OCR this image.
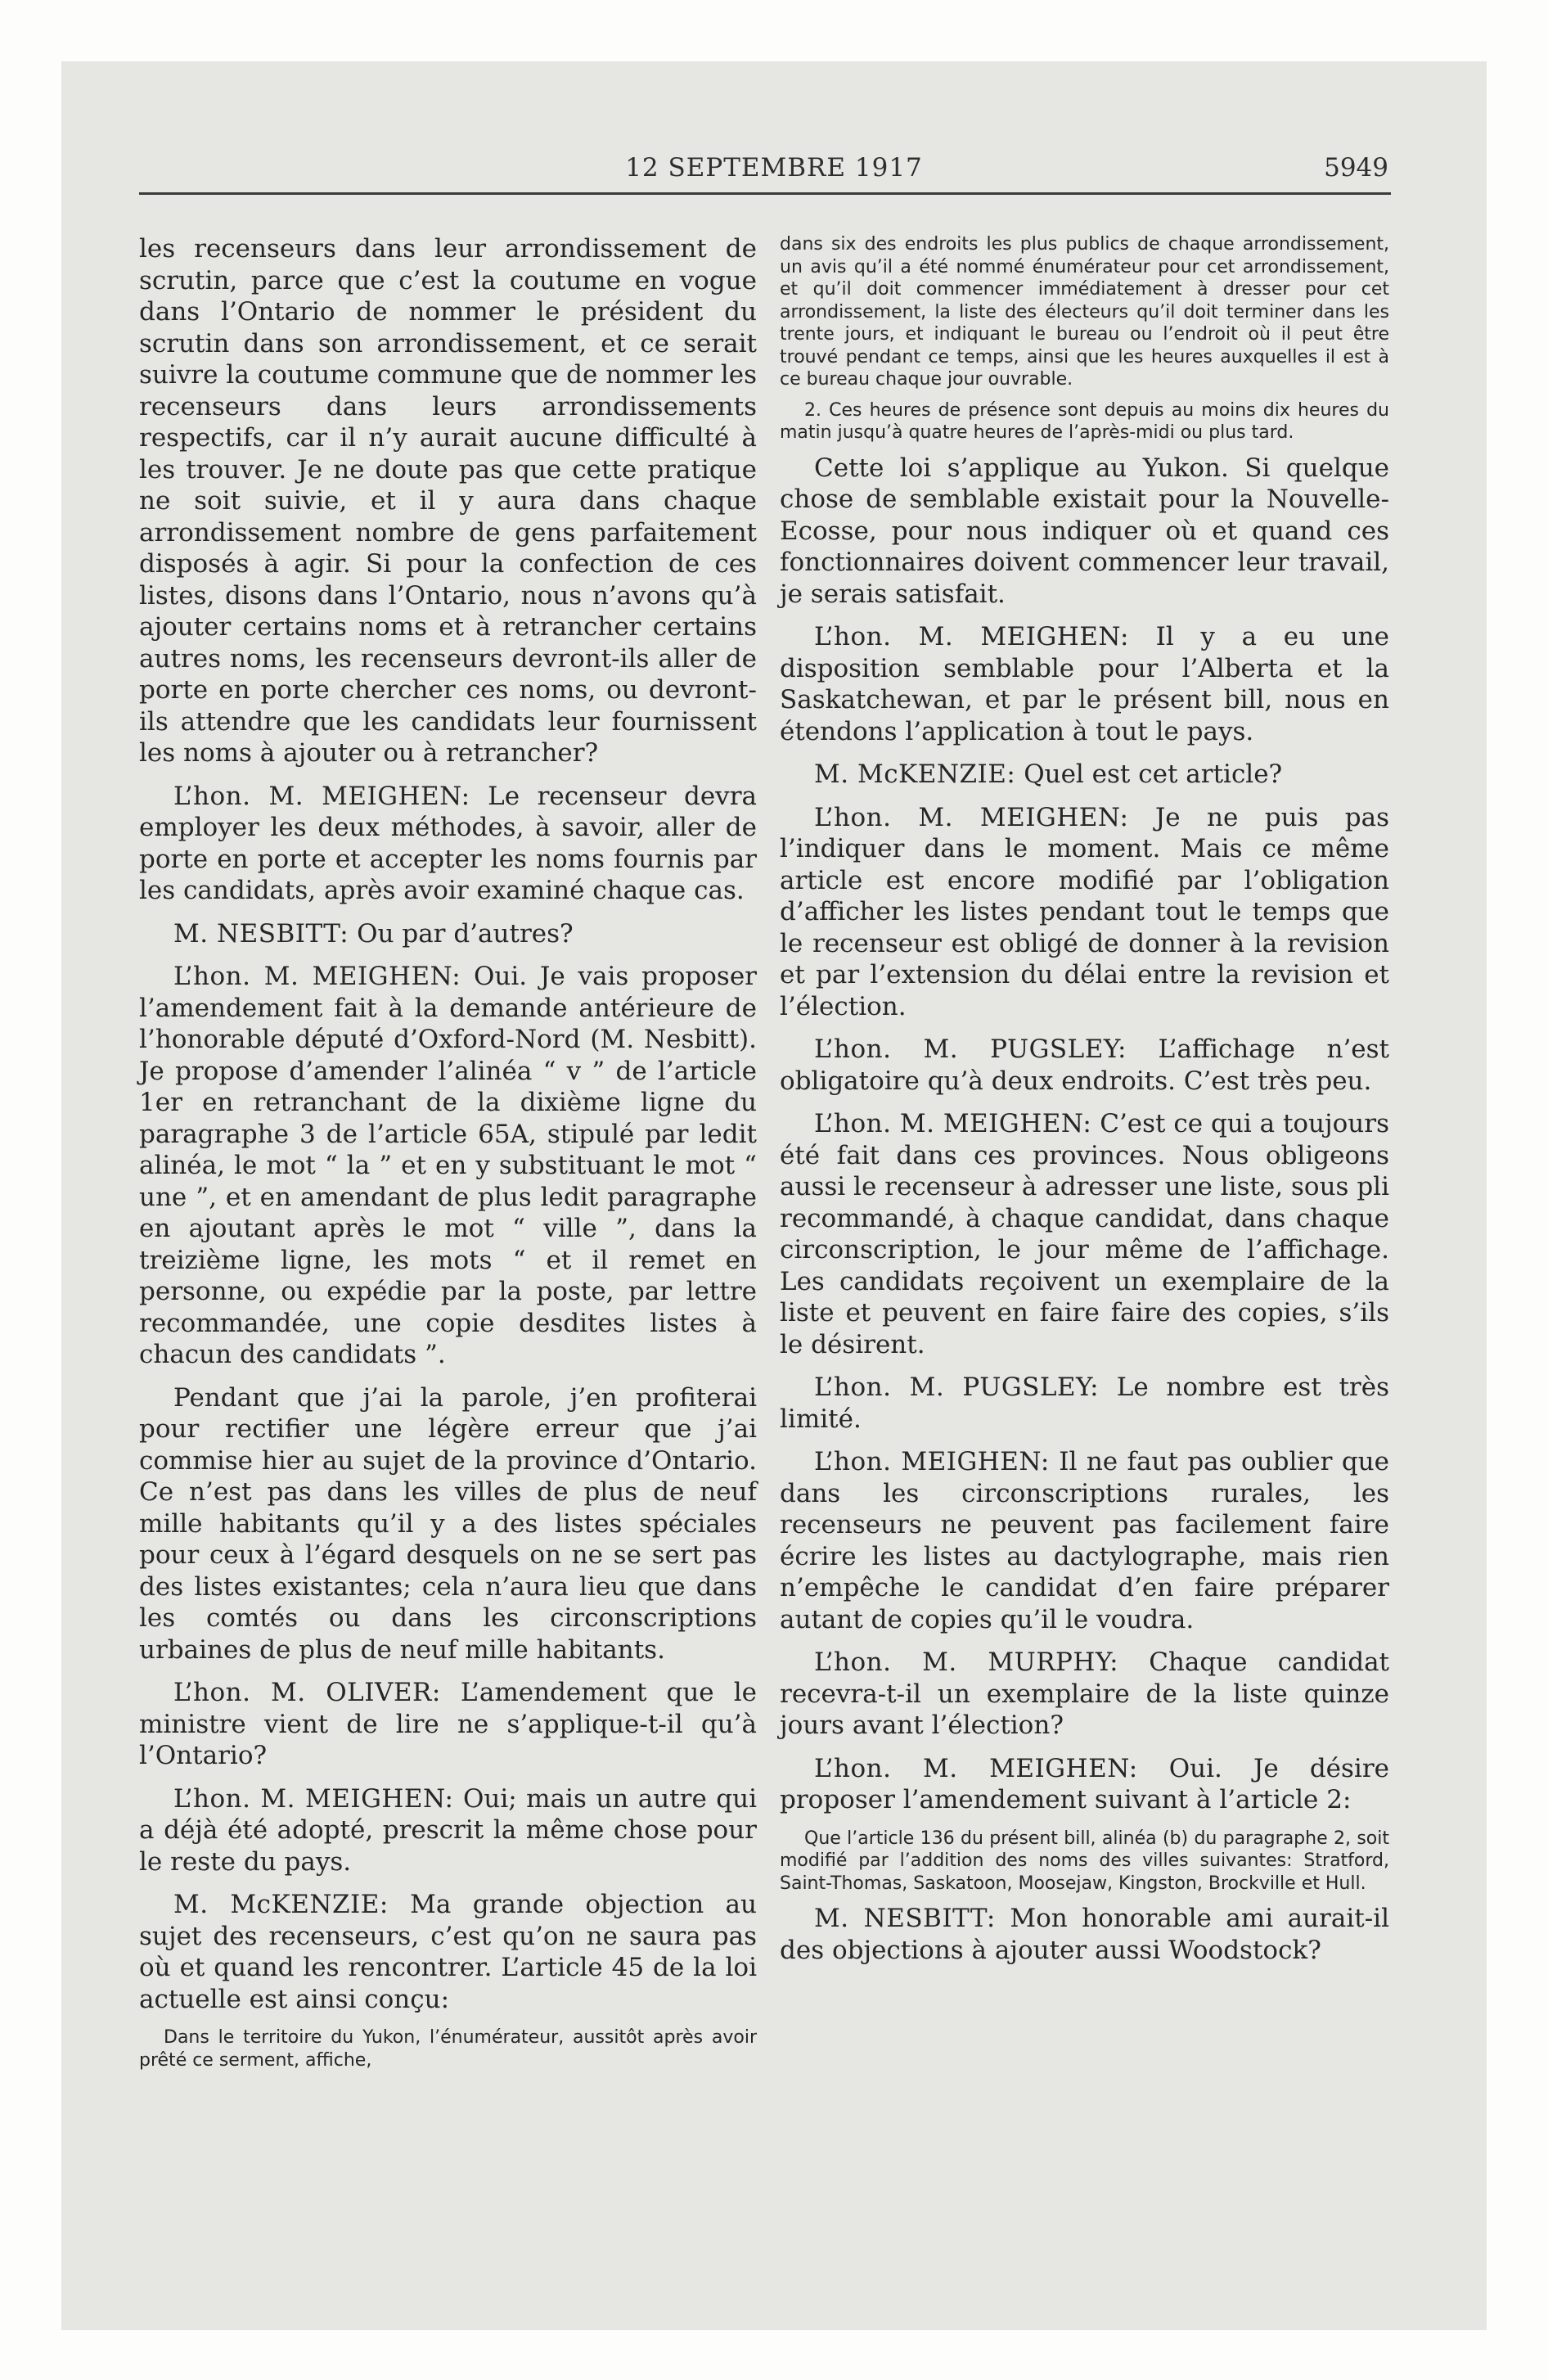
12 SEPTEMBRE 1917	5949

les recenseurs dans leur arrondissement de scrutin, parce que c’est la coutume en vogue dans l’Ontario de nommer le président du scrutin dans son arrondissement, et ce serait suivre la coutume commune que de nommer les recenseurs dans leurs arrondissements respectifs, car il n’y aurait aucune difficulté à les trouver. Je ne doute pas que cette pratique ne soit suivie, et il y aura dans chaque arrondissement nombre de gens parfaitement disposés à agir. Si pour la confection de ces listes, disons dans l’Ontario, nous n’avons qu’à ajouter certains noms et à retrancher certains autres noms, les recenseurs devront-ils aller de porte en porte chercher ces noms, ou devront-ils attendre que les candidats leur fournissent les noms à ajouter ou à retrancher?

L’hon. M. MEIGHEN: Le recenseur devra employer les deux méthodes, à savoir, aller de porte en porte et accepter les noms fournis par les candidats, après avoir examiné chaque cas.

M. NESBITT: Ou par d’autres?

L’hon. M. MEIGHEN: Oui. Je vais proposer l’amendement fait à la demande antérieure de l’honorable député d’Oxford-Nord (M. Nesbitt). Je propose d’amender l’alinéa “ v ” de l’article 1er en retranchant de la dixième ligne du paragraphe 3 de l’article 65A, stipulé par ledit alinéa, le mot “ la ” et en y substituant le mot “ une ”, et en amendant de plus ledit paragraphe en ajoutant après le mot “ ville ”, dans la treizième ligne, les mots “ et il remet en personne, ou expédie par la poste, par lettre recommandée, une copie desdites listes à chacun des candidats ”.

Pendant que j’ai la parole, j’en profiterai pour rectifier une légère erreur que j’ai commise hier au sujet de la province d’Ontario. Ce n’est pas dans les villes de plus de neuf mille habitants qu’il y a des listes spéciales pour ceux à l’égard desquels on ne se sert pas des listes existantes; cela n’aura lieu que dans les comtés ou dans les circonscriptions urbaines de plus de neuf mille habitants.

L’hon. M. OLIVER: L’amendement que le ministre vient de lire ne s’applique-t-il qu’à l’Ontario?

L’hon. M. MEIGHEN: Oui; mais un autre qui a déjà été adopté, prescrit la même chose pour le reste du pays.

M. McKENZIE: Ma grande objection au sujet des recenseurs, c’est qu’on ne saura pas où et quand les rencontrer. L’article 45 de la loi actuelle est ainsi conçu:

Dans le territoire du Yukon, l’énumérateur, aussitôt après avoir prêté ce serment, affiche,

dans six des endroits les plus publics de chaque arrondissement, un avis qu’il a été nommé énumérateur pour cet arrondissement, et qu’il doit commencer immédiatement à dresser pour cet arrondissement, la liste des électeurs qu’il doit terminer dans les trente jours, et indiquant le bureau ou l’endroit où il peut être trouvé pendant ce temps, ainsi que les heures auxquelles il est à ce bureau chaque jour ouvrable.

2. Ces heures de présence sont depuis au moins dix heures du matin jusqu’à quatre heures de l’après-midi ou plus tard.

Cette loi s’applique au Yukon. Si quelque chose de semblable existait pour la Nouvelle-Ecosse, pour nous indiquer où et quand ces fonctionnaires doivent commencer leur travail, je serais satisfait.

L’hon. M. MEIGHEN: Il y a eu une disposition semblable pour l’Alberta et la Saskatchewan, et par le présent bill, nous en étendons l’application à tout le pays.

M. McKENZIE: Quel est cet article?

L’hon. M. MEIGHEN: Je ne puis pas l’indiquer dans le moment. Mais ce même article est encore modifié par l’obligation d’afficher les listes pendant tout le temps que le recenseur est obligé de donner à la revision et par l’extension du délai entre la revision et l’élection.

L’hon. M. PUGSLEY: L’affichage n’est obligatoire qu’à deux endroits. C’est très peu.

L’hon. M. MEIGHEN: C’est ce qui a toujours été fait dans ces provinces. Nous obligeons aussi le recenseur à adresser une liste, sous pli recommandé, à chaque candidat, dans chaque circonscription, le jour même de l’affichage. Les candidats reçoivent un exemplaire de la liste et peuvent en faire faire des copies, s’ils le désirent.

L’hon. M. PUGSLEY: Le nombre est très limité.

L’hon. MEIGHEN: Il ne faut pas oublier que dans les circonscriptions rurales, les recenseurs ne peuvent pas facilement faire écrire les listes au dactylographe, mais rien n’empêche le candidat d’en faire préparer autant de copies qu’il le voudra.

L’hon. M. MURPHY: Chaque candidat recevra-t-il un exemplaire de la liste quinze jours avant l’élection?

L’hon. M. MEIGHEN: Oui. Je désire proposer l’amendement suivant à l’article 2:

Que l’article 136 du présent bill, alinéa (b) du paragraphe 2, soit modifié par l’addition des noms des villes suivantes: Stratford, Saint-Thomas, Saskatoon, Moosejaw, Kingston, Brockville et Hull.

M. NESBITT: Mon honorable ami aurait-il des objections à ajouter aussi Woodstock?
